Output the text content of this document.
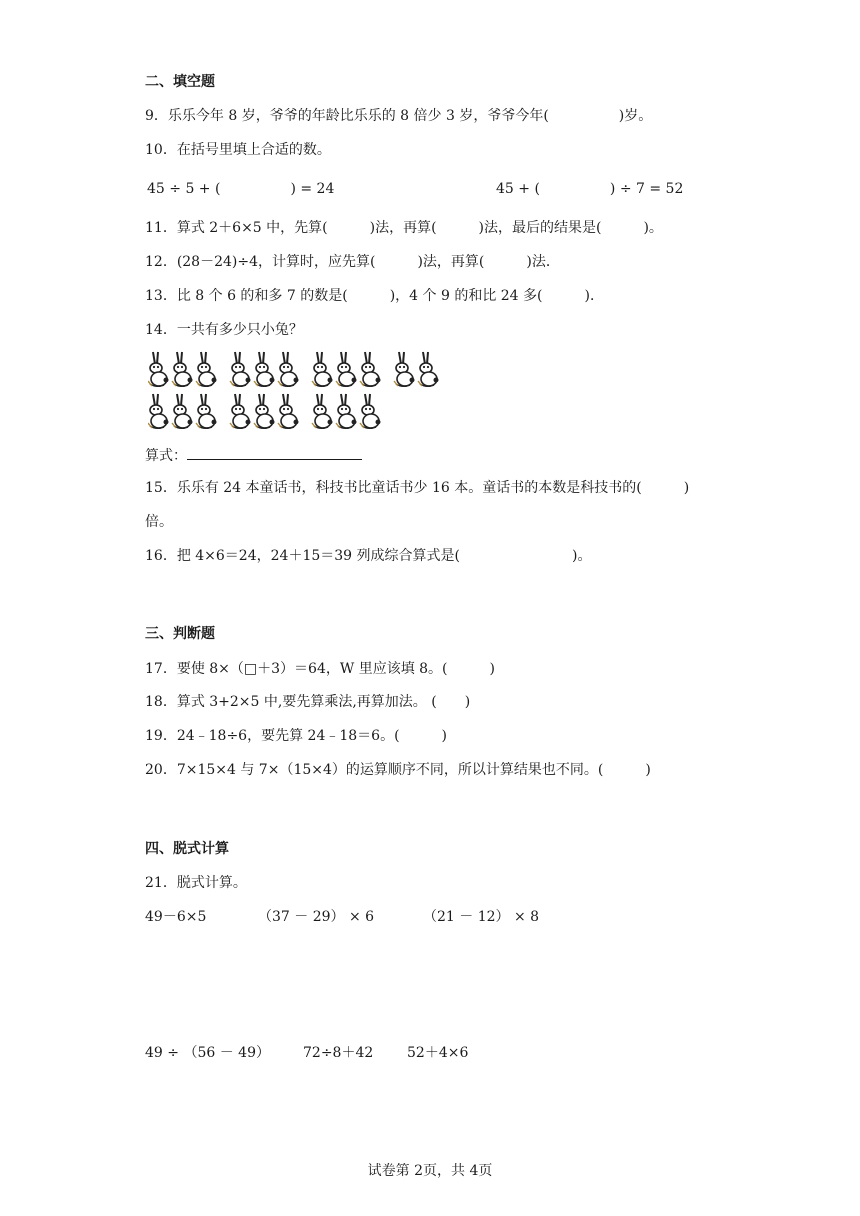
二、填空题
9．乐乐今年 8 岁，爷爷的年龄比乐乐的 8 倍少 3 岁，爷爷今年(　　　　　)岁。
10．在括号里填上合适的数。
45 ÷ 5 + (　　　　　) = 24	45 + (　　　　　) ÷ 7 = 52
11．算式 2＋6×5 中，先算(　　　)法，再算(　　　)法，最后的结果是(　　　)。
12．(28－24)÷4，计算时，应先算(　　　)法，再算(　　　)法．
13．比 8 个 6 的和多 7 的数是(　　　)，4 个 9 的和比 24 多(　　　)．
14．一共有多少只小兔？
算式：
15．乐乐有 24 本童话书，科技书比童话书少 16 本。童话书的本数是科技书的(　　　)
倍。
16．把 4×6＝24，24＋15＝39 列成综合算式是(　　　　　　　　)。
三、判断题
17．要使 8×（□＋3）＝64，W 里应该填 8。(　　　)
18．算式 3+2×5 中,要先算乘法,再算加法。 (　　)
19．24﹣18÷6，要先算 24﹣18＝6。(　　　)
20．7×15×4 与 7×（15×4）的运算顺序不同，所以计算结果也不同。(　　　)
四、脱式计算
21．脱式计算。
49－6×5	（37 － 29） × 6	（21 － 12） × 8
49 ÷ （56 － 49） 72÷8＋42 52＋4×6
试卷第 2页，共 4页
